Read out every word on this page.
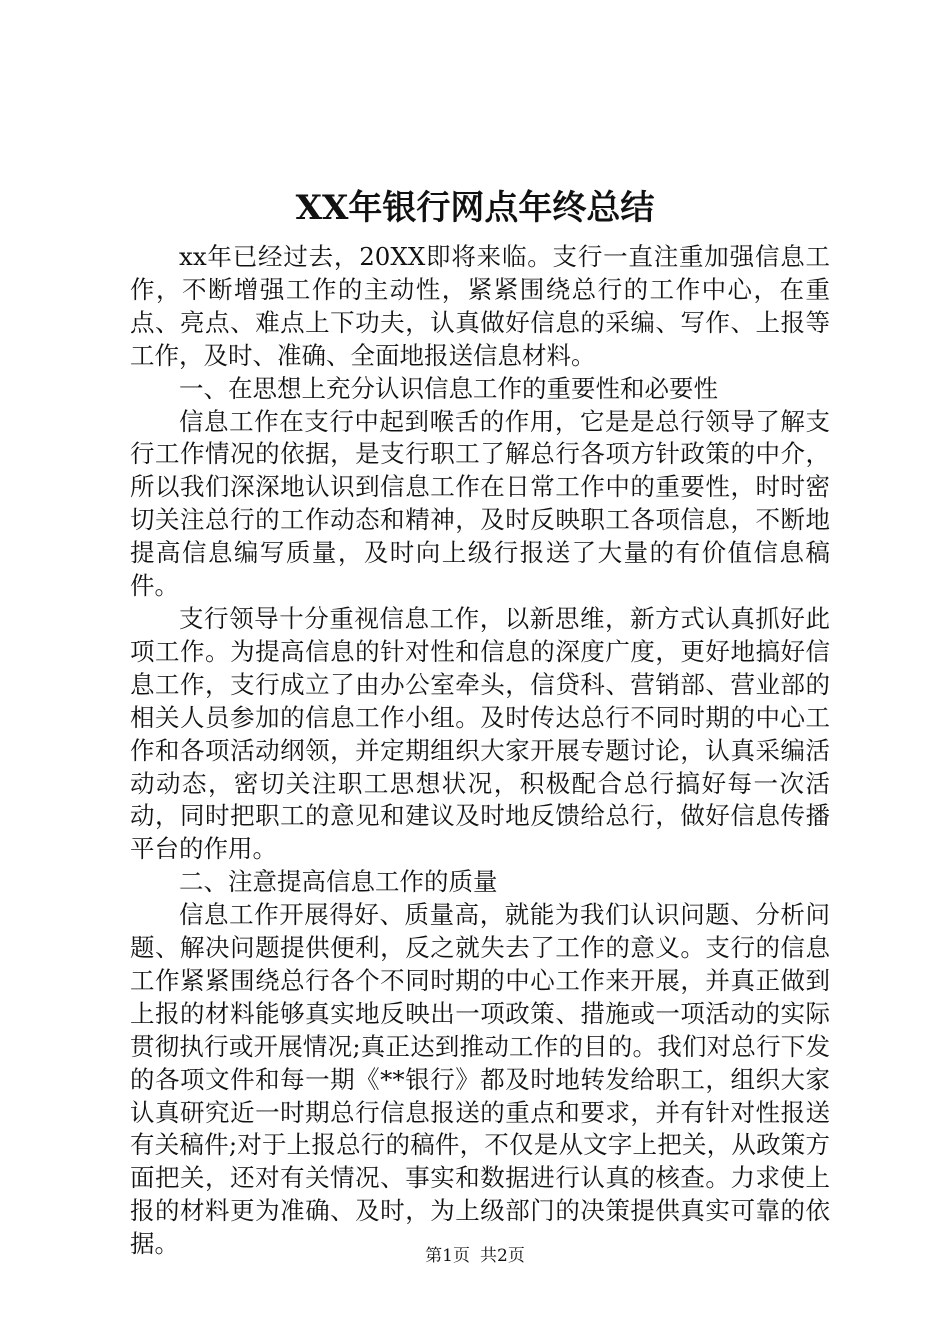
XX年银行网点年终总结

xx年已经过去，20XX即将来临。支行一直注重加强信息工作，不断增强工作的主动性，紧紧围绕总行的工作中心，在重点、亮点、难点上下功夫，认真做好信息的采编、写作、上报等工作，及时、准确、全面地报送信息材料。

一、在思想上充分认识信息工作的重要性和必要性

信息工作在支行中起到喉舌的作用，它是是总行领导了解支行工作情况的依据，是支行职工了解总行各项方针政策的中介，所以我们深深地认识到信息工作在日常工作中的重要性，时时密切关注总行的工作动态和精神，及时反映职工各项信息，不断地提高信息编写质量，及时向上级行报送了大量的有价值信息稿件。

支行领导十分重视信息工作，以新思维，新方式认真抓好此项工作。为提高信息的针对性和信息的深度广度，更好地搞好信息工作，支行成立了由办公室牵头，信贷科、营销部、营业部的相关人员参加的信息工作小组。及时传达总行不同时期的中心工作和各项活动纲领，并定期组织大家开展专题讨论，认真采编活动动态，密切关注职工思想状况，积极配合总行搞好每一次活动，同时把职工的意见和建议及时地反馈给总行，做好信息传播平台的作用。

二、注意提高信息工作的质量

信息工作开展得好、质量高，就能为我们认识问题、分析问题、解决问题提供便利，反之就失去了工作的意义。支行的信息工作紧紧围绕总行各个不同时期的中心工作来开展，并真正做到上报的材料能够真实地反映出一项政策、措施或一项活动的实际贯彻执行或开展情况;真正达到推动工作的目的。我们对总行下发的各项文件和每一期《**银行》都及时地转发给职工，组织大家认真研究近一时期总行信息报送的重点和要求，并有针对性报送有关稿件;对于上报总行的稿件，不仅是从文字上把关，从政策方面把关，还对有关情况、事实和数据进行认真的核查。力求使上报的材料更为准确、及时，为上级部门的决策提供真实可靠的依据。	第1页 共2页
